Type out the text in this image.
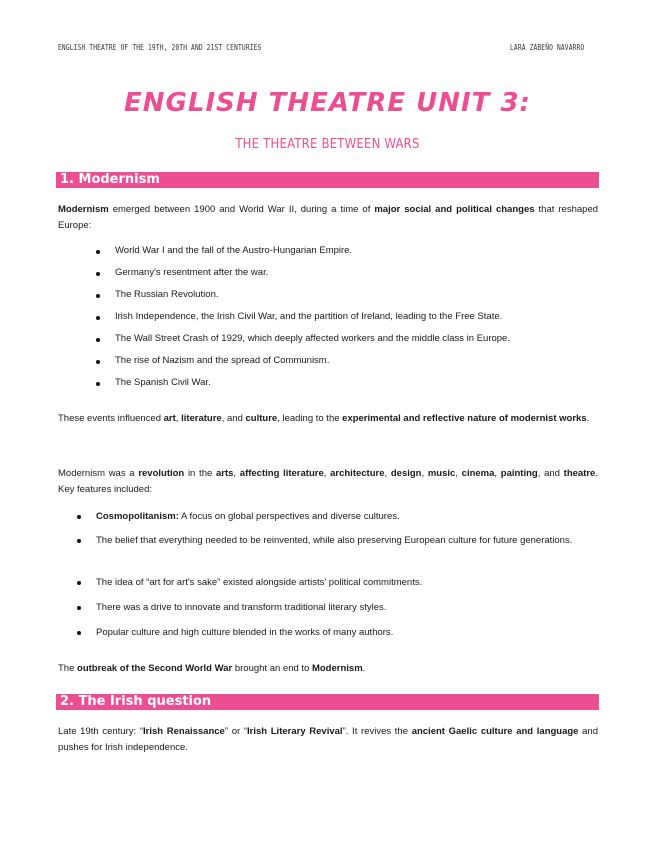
ENGLISH THEATRE OF THE 19TH, 20TH AND 21ST CENTURIES	LARA ZABEÑO NAVARRO
ENGLISH THEATRE UNIT 3:
THE THEATRE BETWEEN WARS
1. Modernism
Modernism emerged between 1900 and World War II, during a time of major social and political changes that reshaped Europe:
World War I and the fall of the Austro-Hungarian Empire.
Germany's resentment after the war.
The Russian Revolution.
Irish Independence, the Irish Civil War, and the partition of Ireland, leading to the Free State.
The Wall Street Crash of 1929, which deeply affected workers and the middle class in Europe.
The rise of Nazism and the spread of Communism.
The Spanish Civil War.
These events influenced art, literature, and culture, leading to the experimental and reflective nature of modernist works.
Modernism was a revolution in the arts, affecting literature, architecture, design, music, cinema, painting, and theatre. Key features included:
Cosmopolitanism: A focus on global perspectives and diverse cultures.
The belief that everything needed to be reinvented, while also preserving European culture for future generations.
The idea of “art for art's sake” existed alongside artists' political commitments.
There was a drive to innovate and transform traditional literary styles.
Popular culture and high culture blended in the works of many authors.
The outbreak of the Second World War brought an end to Modernism.
2. The Irish question
Late 19th century: “Irish Renaissance” or “Irish Literary Revival”. It revives the ancient Gaelic culture and language and pushes for Irish independence.
